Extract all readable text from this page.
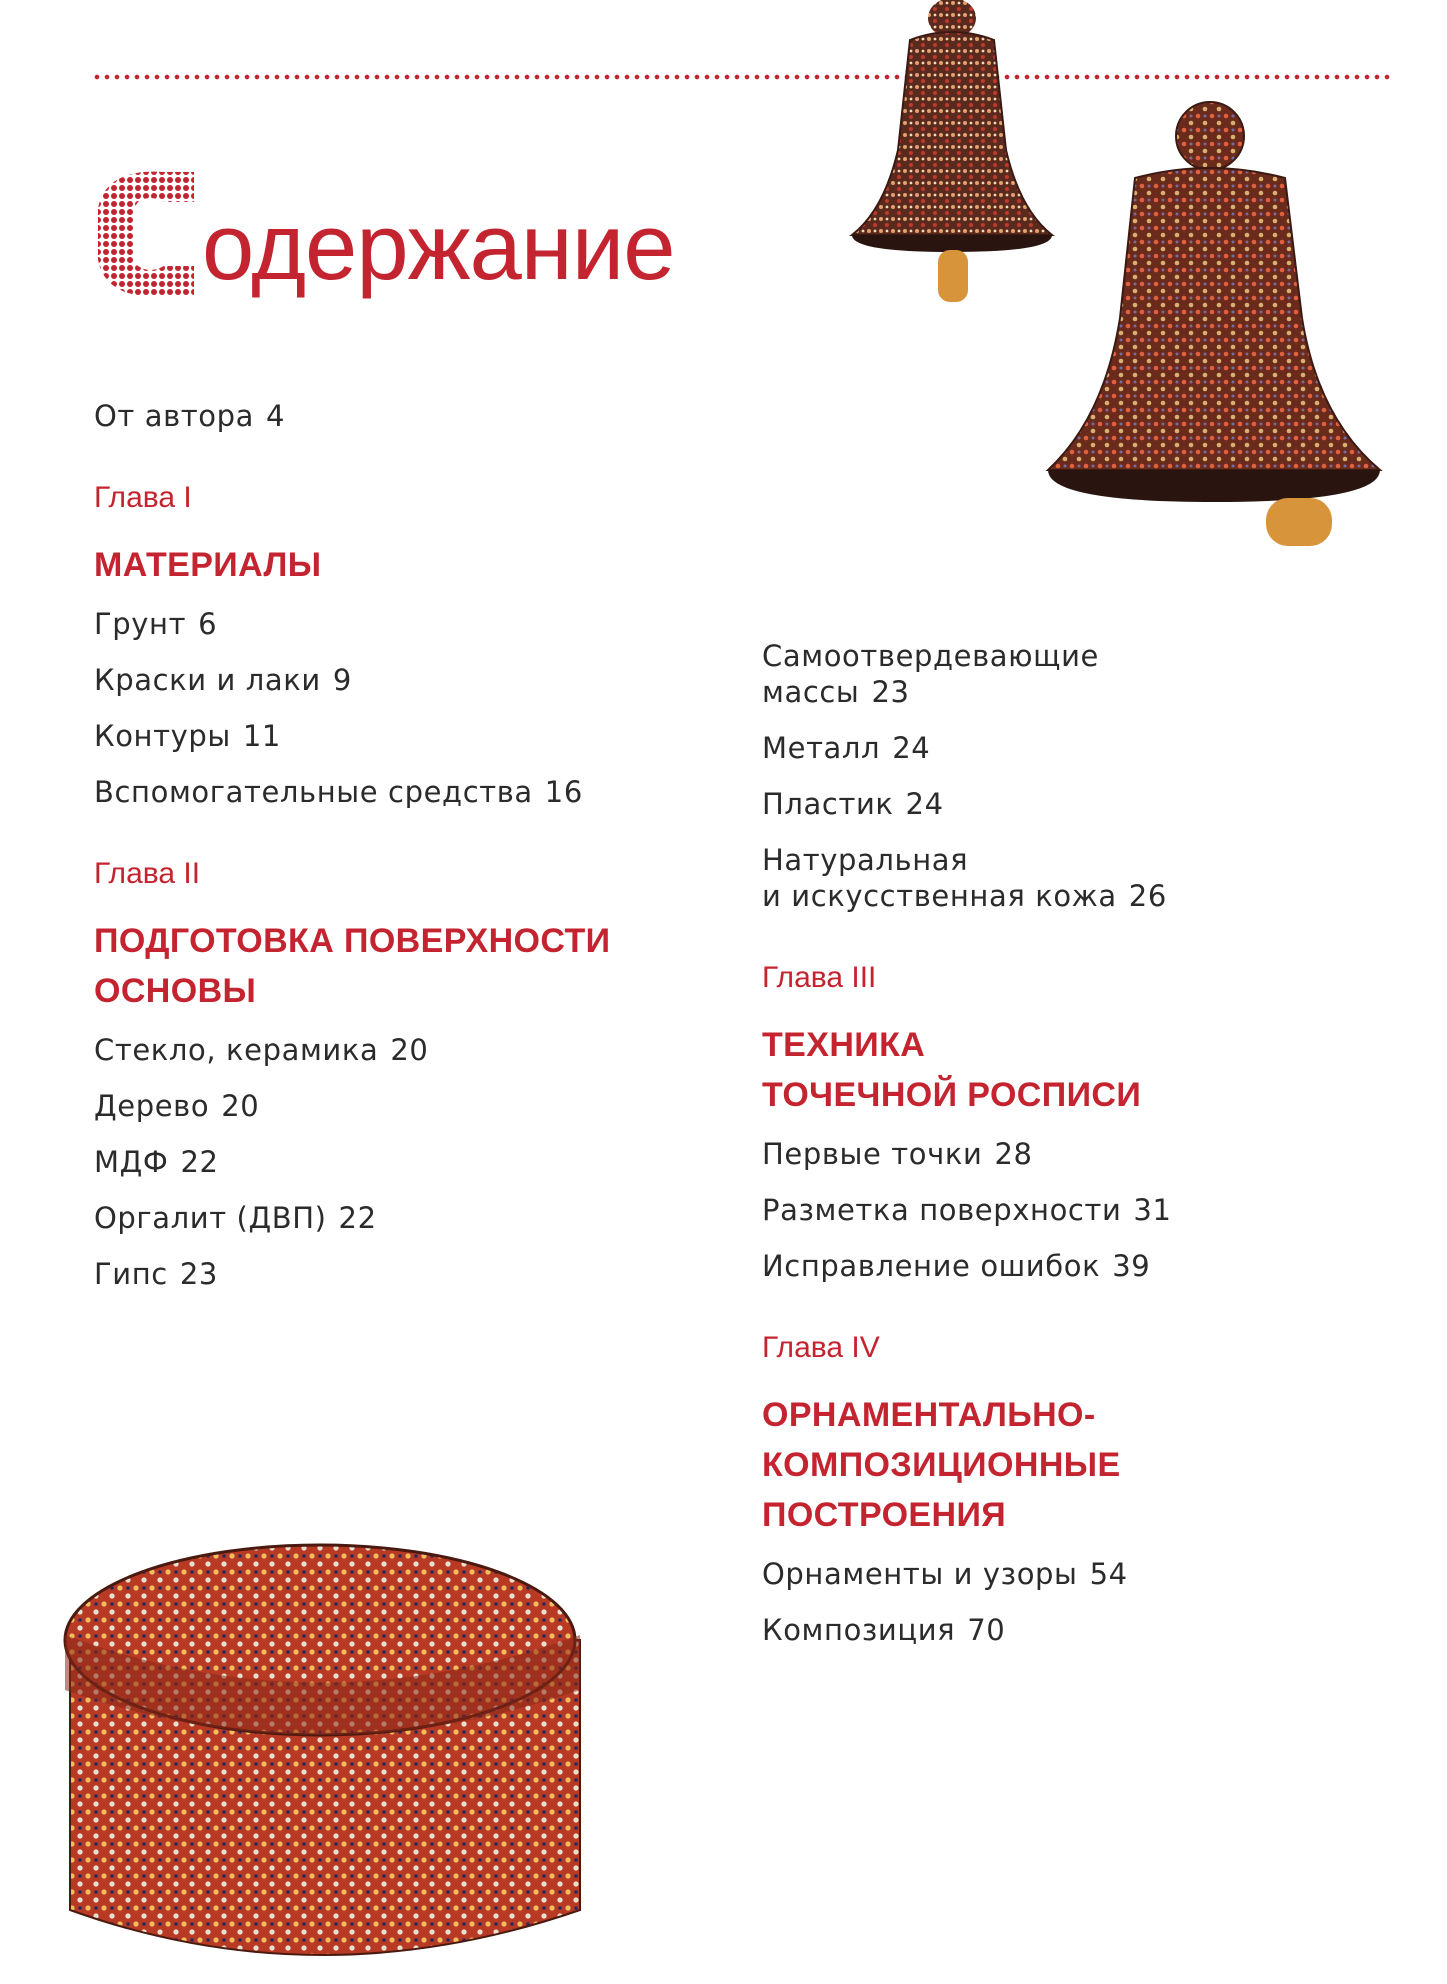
одержание
От автора 4
Глава I
МАТЕРИАЛЫ
Грунт 6
Краски и лаки 9
Контуры 11
Вспомогательные средства 16
Глава II
ПОДГОТОВКА ПОВЕРХНОСТИ
ОСНОВЫ
Стекло, керамика 20
Дерево 20
МДФ 22
Оргалит (ДВП) 22
Гипс 23
Самоотвердевающие
массы 23
Металл 24
Пластик 24
Натуральная
и искусственная кожа 26
Глава III
ТЕХНИКА
ТОЧЕЧНОЙ РОСПИСИ
Первые точки 28
Разметка поверхности 31
Исправление ошибок 39
Глава IV
ОРНАМЕНТАЛЬНО-
КОМПОЗИЦИОННЫЕ
ПОСТРОЕНИЯ
Орнаменты и узоры 54
Композиция 70
